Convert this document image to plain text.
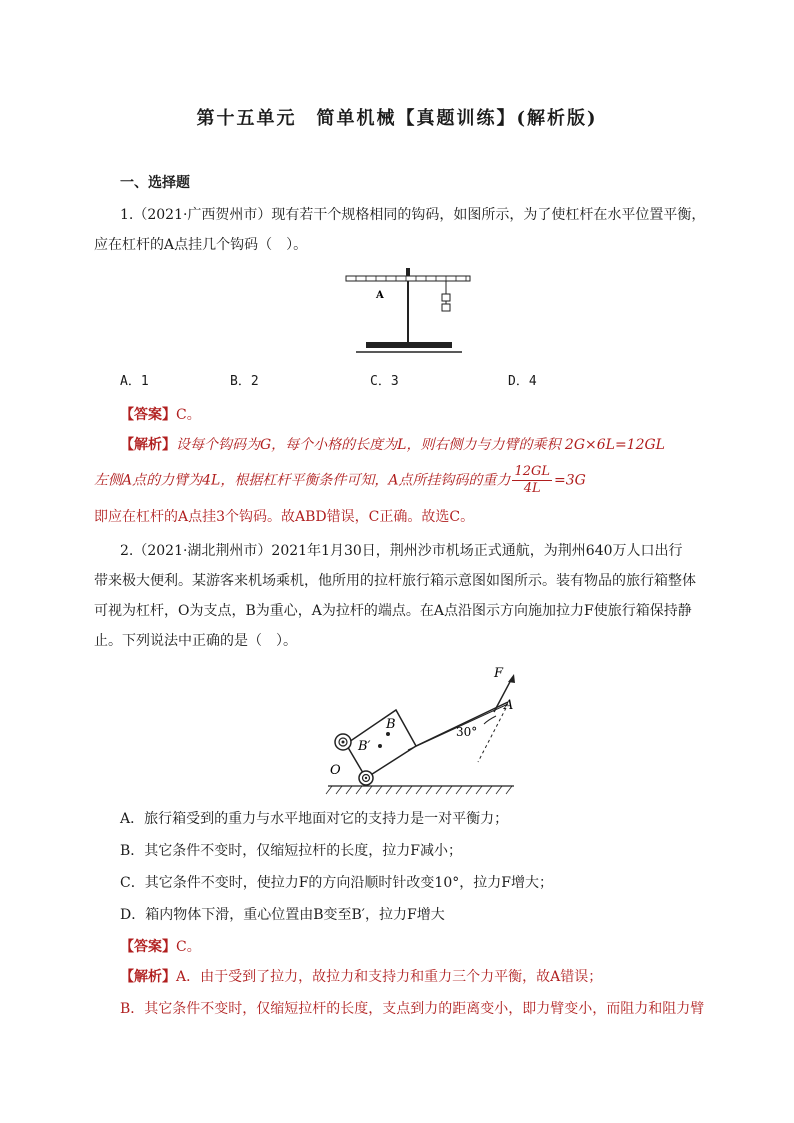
第十五单元　简单机械【真题训练】(解析版)
一、选择题
1.（2021·广西贺州市）现有若干个规格相同的钩码，如图所示，为了使杠杆在水平位置平衡，
应在杠杆的A点挂几个钩码（　）。
A
A．1	B．2	C．3	D．4
【答案】C。
【解析】设每个钩码为G，每个小格的长度为L，则右侧力与力臂的乘积 2G×6L=12GL
左侧A点的力臂为4L，根据杠杆平衡条件可知，A点所挂钩码的重力 $\frac{12GL}{4L} =3G$
即应在杠杆的A点挂3个钩码。故ABD错误，C正确。故选C。
2.（2021·湖北荆州市）2021年1月30日，荆州沙市机场正式通航，为荆州640万人口出行
带来极大便利。某游客来机场乘机，他所用的拉杆旅行箱示意图如图所示。装有物品的旅行箱整体
可视为杠杆，O为支点，B为重心，A为拉杆的端点。在A点沿图示方向施加拉力F使旅行箱保持静
止。下列说法中正确的是（　）。
F
A
B
B′
O
30°
A．旅行箱受到的重力与水平地面对它的支持力是一对平衡力；
B．其它条件不变时，仅缩短拉杆的长度，拉力F减小；
C．其它条件不变时，使拉力F的方向沿顺时针改变10°，拉力F增大；
D．箱内物体下滑，重心位置由B变至B′，拉力F增大
【答案】C。
【解析】A．由于受到了拉力，故拉力和支持力和重力三个力平衡，故A错误；
B．其它条件不变时，仅缩短拉杆的长度，支点到力的距离变小，即力臂变小，而阻力和阻力臂
